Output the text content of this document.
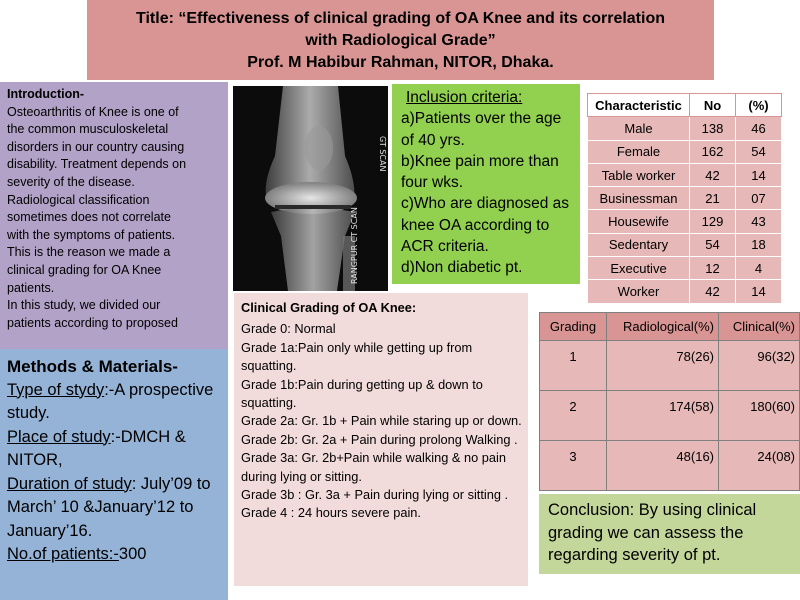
Title: “Effectiveness of clinical grading of OA Knee and its correlation
with Radiological Grade”
Prof. M Habibur Rahman, NITOR, Dhaka.
Introduction-
Osteoarthritis of Knee is one of
the common musculoskeletal
disorders in our country causing
disability. Treatment depends on
severity of the disease.
Radiological classification
sometimes does not correlate
with the symptoms of patients.
This is the reason we made a
clinical grading for OA Knee
patients.
In this study, we divided our
patients according to proposed
Methods & Materials-
Type of stydy:-A prospective study.
Place of study:-DMCH & NITOR,
Duration of study: July’09 to March’ 10 &January’12 to January’16.
No.of patients:-300
RANGPUR CT SCAN
GT SCAN
Inclusion criteria:
a)Patients over the age of 40 yrs.
b)Knee pain more than four wks.
c)Who are diagnosed as knee OA according to ACR criteria.
d)Non diabetic pt.
Characteristic	No	(%)
Male	138	46
Female	162	54
Table worker	42	14
Businessman	21	07
Housewife	129	43
Sedentary	54	18
Executive	12	4
Worker	42	14
Clinical Grading of OA Knee:
Grade 0: Normal
Grade 1a:Pain only while getting up from squatting.
Grade 1b:Pain during getting up & down to squatting.
Grade 2a: Gr. 1b + Pain while staring up or down.
Grade 2b: Gr. 2a + Pain during prolong Walking .
Grade 3a: Gr. 2b+Pain while walking & no pain during lying or sitting.
Grade 3b : Gr. 3a + Pain during lying or sitting .
Grade 4 : 24 hours severe pain.
Grading	Radiological(%)	Clinical(%)
1	78(26)	96(32)
2	174(58)	180(60)
3	48(16)	24(08)
Conclusion: By using clinical grading we can assess the regarding severity of pt.
